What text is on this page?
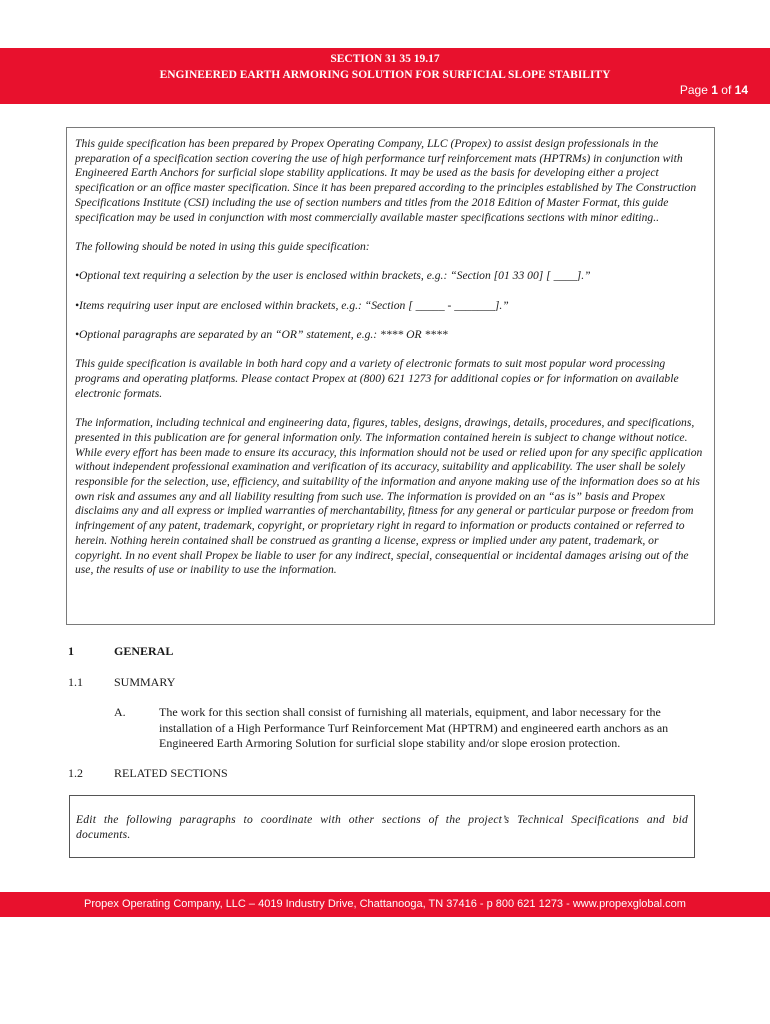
SECTION 31 35 19.17
ENGINEERED EARTH ARMORING SOLUTION FOR SURFICIAL SLOPE STABILITY
Page 1 of 14

This guide specification has been prepared by Propex Operating Company, LLC (Propex) to assist design professionals in the preparation of a specification section covering the use of high performance turf reinforcement mats (HPTRMs) in conjunction with Engineered Earth Anchors for surficial slope stability applications. It may be used as the basis for developing either a project specification or an office master specification. Since it has been prepared according to the principles established by The Construction Specifications Institute (CSI) including the use of section numbers and titles from the 2018 Edition of Master Format, this guide specification may be used in conjunction with most commercially available master specifications sections with minor editing..

The following should be noted in using this guide specification:

•Optional text requiring a selection by the user is enclosed within brackets, e.g.: “Section [01 33 00] [ ____].”

•Items requiring user input are enclosed within brackets, e.g.: “Section [ _____ - _______].”

•Optional paragraphs are separated by an “OR” statement, e.g.: **** OR ****

This guide specification is available in both hard copy and a variety of electronic formats to suit most popular word processing programs and operating platforms. Please contact Propex at (800) 621 1273 for additional copies or for information on available electronic formats.

The information, including technical and engineering data, figures, tables, designs, drawings, details, procedures, and specifications, presented in this publication are for general information only. The information contained herein is subject to change without notice. While every effort has been made to ensure its accuracy, this information should not be used or relied upon for any specific application without independent professional examination and verification of its accuracy, suitability and applicability. The user shall be solely responsible for the selection, use, efficiency, and suitability of the information and anyone making use of the information does so at his own risk and assumes any and all liability resulting from such use. The information is provided on an “as is” basis and Propex disclaims any and all express or implied warranties of merchantability, fitness for any general or particular purpose or freedom from infringement of any patent, trademark, copyright, or proprietary right in regard to information or products contained or referred to herein. Nothing herein contained shall be construed as granting a license, express or implied under any patent, trademark, or copyright. In no event shall Propex be liable to user for any indirect, special, consequential or incidental damages arising out of the use, the results of use or inability to use the information.

1	GENERAL
1.1	SUMMARY
A.	The work for this section shall consist of furnishing all materials, equipment, and labor necessary for the installation of a High Performance Turf Reinforcement Mat (HPTRM) and engineered earth anchors as an Engineered Earth Armoring Solution for surficial slope stability and/or slope erosion protection.
1.2	RELATED SECTIONS
Edit the following paragraphs to coordinate with other sections of the project’s Technical Specifications and bid documents.
Propex Operating Company, LLC – 4019 Industry Drive, Chattanooga, TN 37416 - p 800 621 1273 - www.propexglobal.com
